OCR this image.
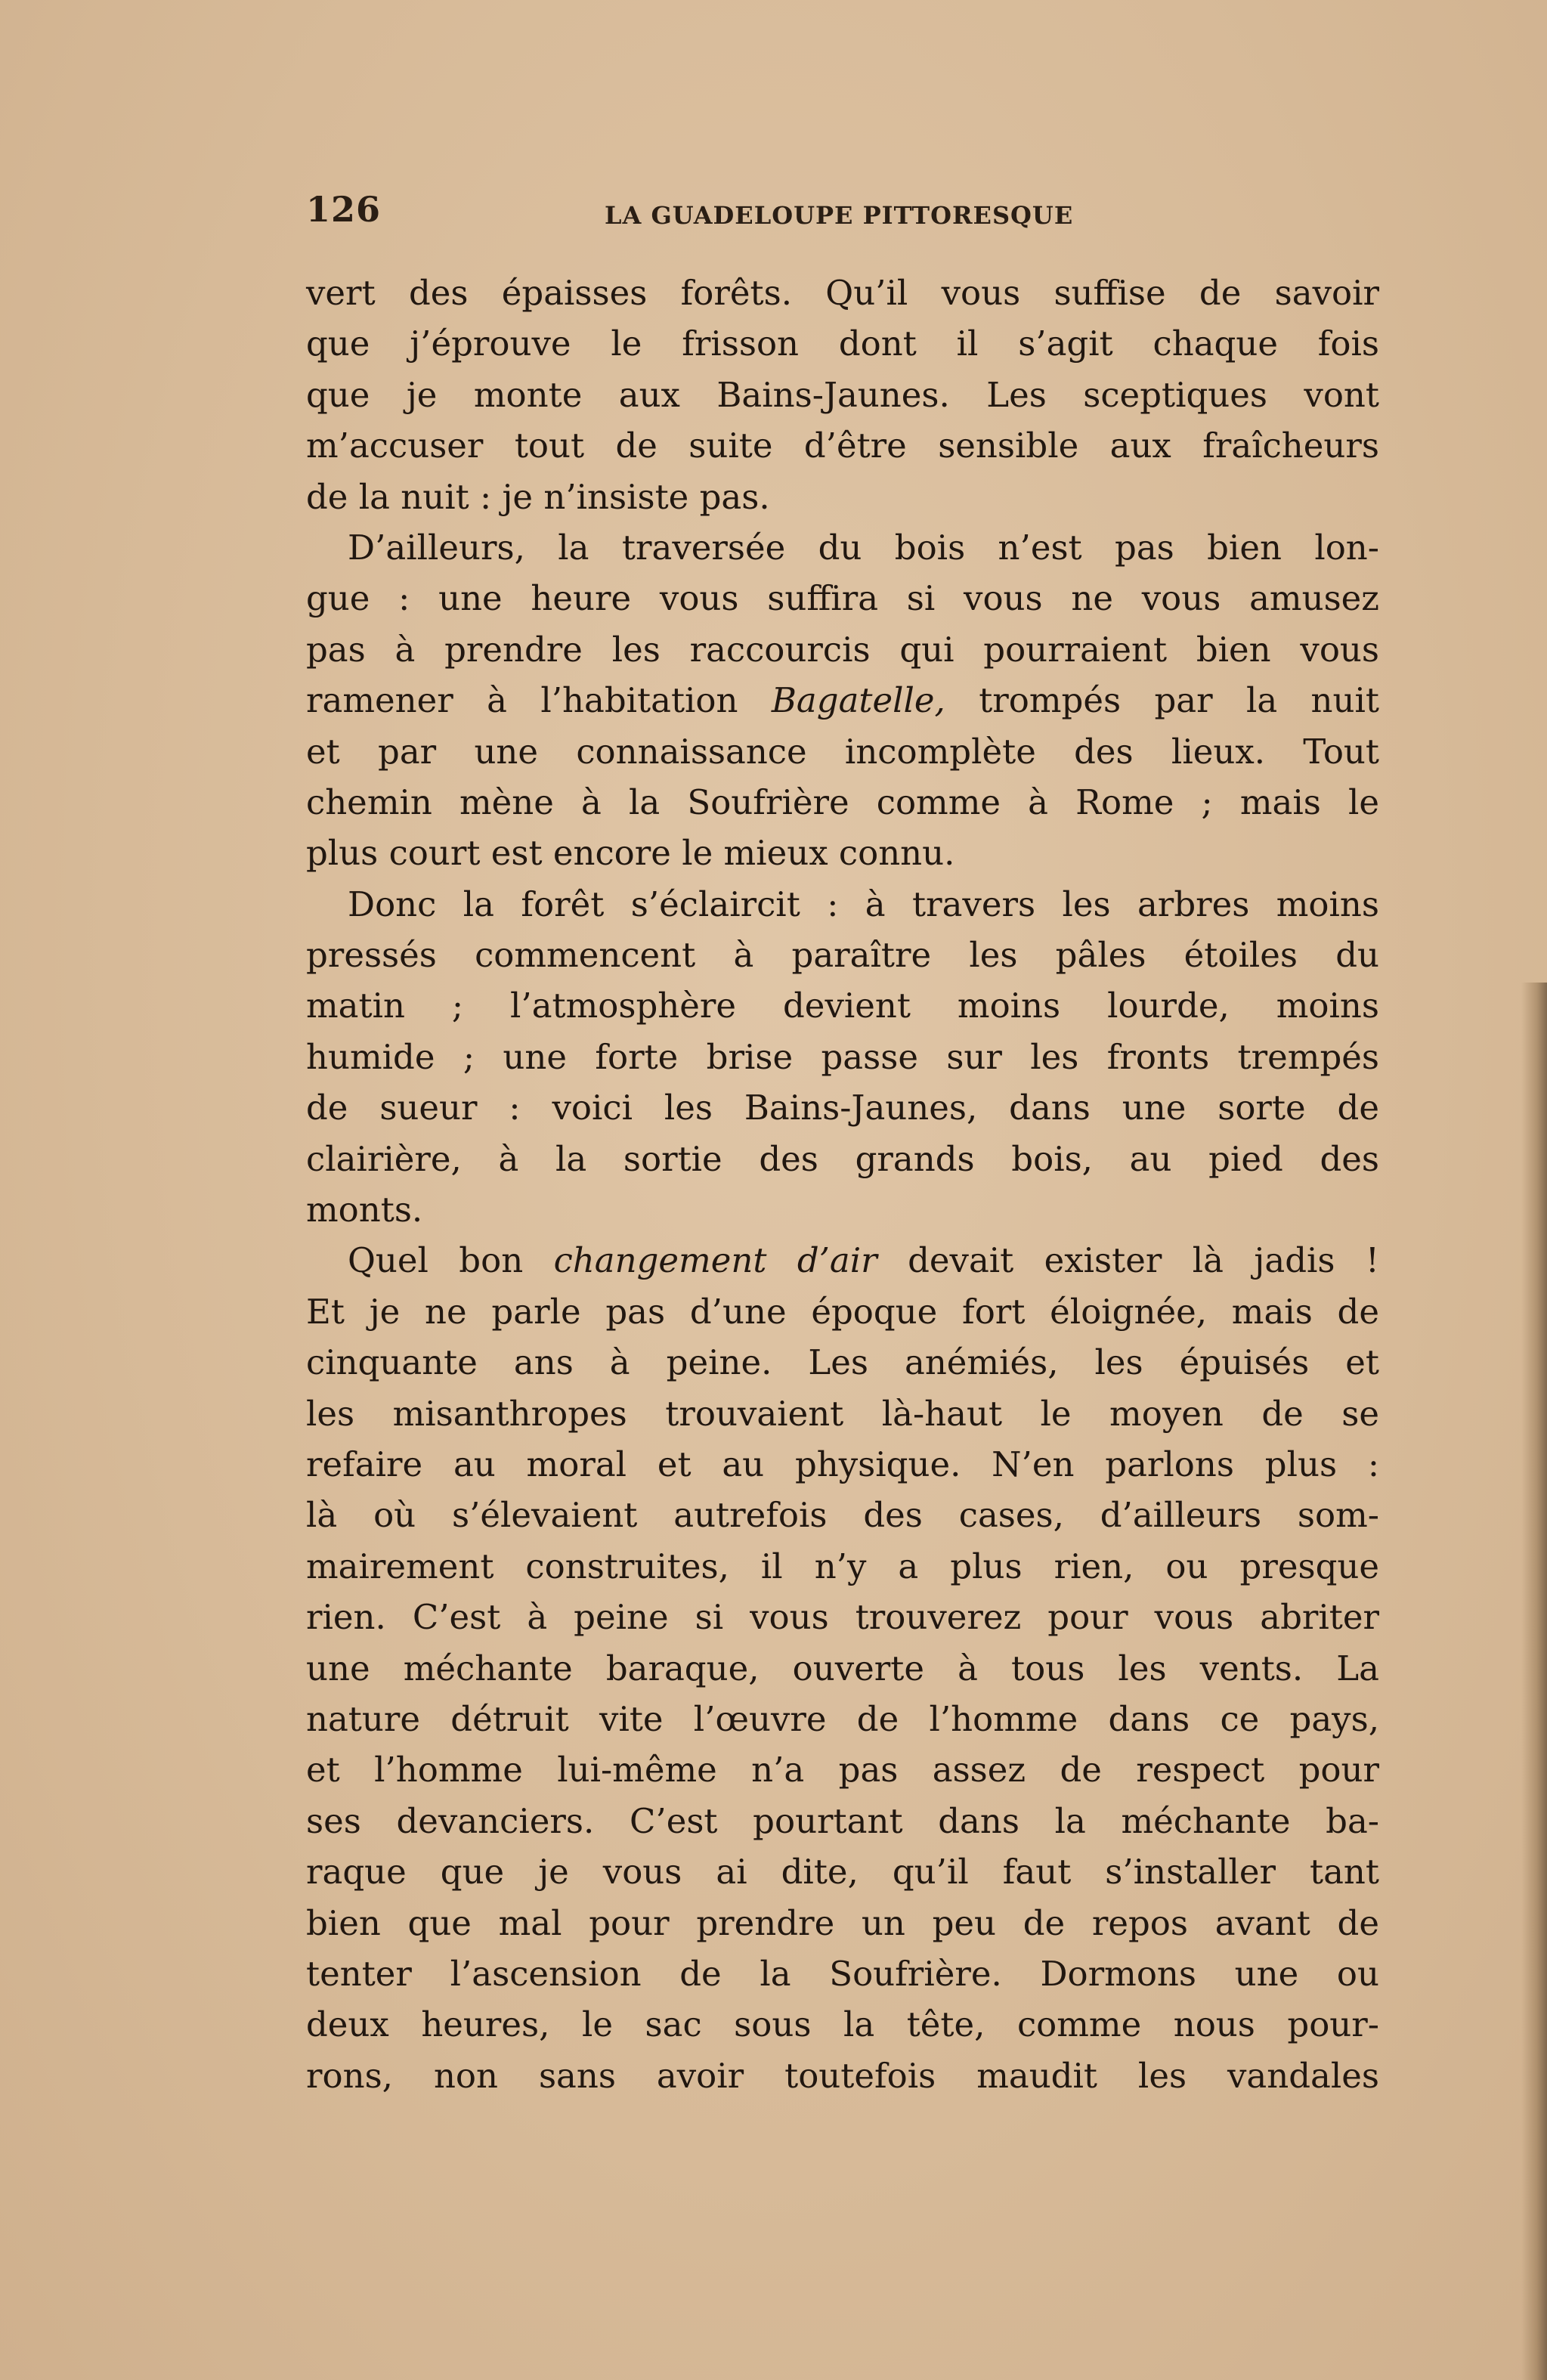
126	LA GUADELOUPE PITTORESQUE
vert des épaisses forêts. Qu’il vous suffise de savoir
que j’éprouve le frisson dont il s’agit chaque fois
que je monte aux Bains-Jaunes. Les sceptiques vont
m’accuser tout de suite d’être sensible aux fraîcheurs
de la nuit : je n’insiste pas.
D’ailleurs, la traversée du bois n’est pas bien lon-
gue : une heure vous suffira si vous ne vous amusez
pas à prendre les raccourcis qui pourraient bien vous
ramener à l’habitation Bagatelle, trompés par la nuit
et par une connaissance incomplète des lieux. Tout
chemin mène à la Soufrière comme à Rome ; mais le
plus court est encore le mieux connu.
Donc la forêt s’éclaircit : à travers les arbres moins
pressés commencent à paraître les pâles étoiles du
matin ; l’atmosphère devient moins lourde, moins
humide ; une forte brise passe sur les fronts trempés
de sueur : voici les Bains-Jaunes, dans une sorte de
clairière, à la sortie des grands bois, au pied des
monts.
Quel bon changement d’air devait exister là jadis !
Et je ne parle pas d’une époque fort éloignée, mais de
cinquante ans à peine. Les anémiés, les épuisés et
les misanthropes trouvaient là-haut le moyen de se
refaire au moral et au physique. N’en parlons plus :
là où s’élevaient autrefois des cases, d’ailleurs som-
mairement construites, il n’y a plus rien, ou presque
rien. C’est à peine si vous trouverez pour vous abriter
une méchante baraque, ouverte à tous les vents. La
nature détruit vite l’œuvre de l’homme dans ce pays,
et l’homme lui-même n’a pas assez de respect pour
ses devanciers. C’est pourtant dans la méchante ba-
raque que je vous ai dite, qu’il faut s’installer tant
bien que mal pour prendre un peu de repos avant de
tenter l’ascension de la Soufrière. Dormons une ou
deux heures, le sac sous la tête, comme nous pour-
rons, non sans avoir toutefois maudit les vandales
